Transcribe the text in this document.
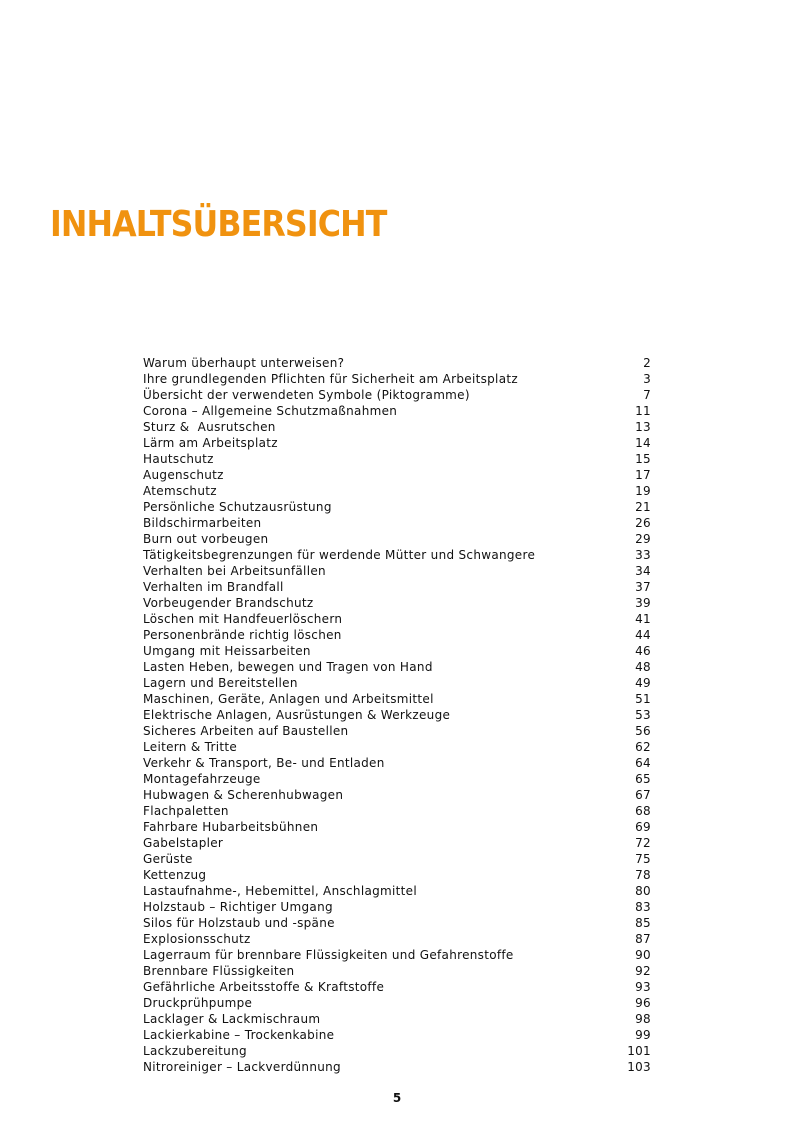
INHALTSÜBERSICHT
Warum überhaupt unterweisen?	2
Ihre grundlegenden Pflichten für Sicherheit am Arbeitsplatz	3
Übersicht der verwendeten Symbole (Piktogramme)	7
Corona – Allgemeine Schutzmaßnahmen	11
Sturz &  Ausrutschen	13
Lärm am Arbeitsplatz	14
Hautschutz	15
Augenschutz	17
Atemschutz	19
Persönliche Schutzausrüstung	21
Bildschirmarbeiten	26
Burn out vorbeugen	29
Tätigkeitsbegrenzungen für werdende Mütter und Schwangere	33
Verhalten bei Arbeitsunfällen	34
Verhalten im Brandfall	37
Vorbeugender Brandschutz	39
Löschen mit Handfeuerlöschern	41
Personenbrände richtig löschen	44
Umgang mit Heissarbeiten	46
Lasten Heben, bewegen und Tragen von Hand	48
Lagern und Bereitstellen	49
Maschinen, Geräte, Anlagen und Arbeitsmittel	51
Elektrische Anlagen, Ausrüstungen & Werkzeuge	53
Sicheres Arbeiten auf Baustellen	56
Leitern & Tritte	62
Verkehr & Transport, Be- und Entladen	64
Montagefahrzeuge	65
Hubwagen & Scherenhubwagen	67
Flachpaletten	68
Fahrbare Hubarbeitsbühnen	69
Gabelstapler	72
Gerüste	75
Kettenzug	78
Lastaufnahme-, Hebemittel, Anschlagmittel	80
Holzstaub – Richtiger Umgang	83
Silos für Holzstaub und -späne	85
Explosionsschutz	87
Lagerraum für brennbare Flüssigkeiten und Gefahrenstoffe	90
Brennbare Flüssigkeiten	92
Gefährliche Arbeitsstoffe & Kraftstoffe	93
Druckprühpumpe	96
Lacklager & Lackmischraum	98
Lackierkabine – Trockenkabine	99
Lackzubereitung	101
Nitroreiniger – Lackverdünnung	103
5
